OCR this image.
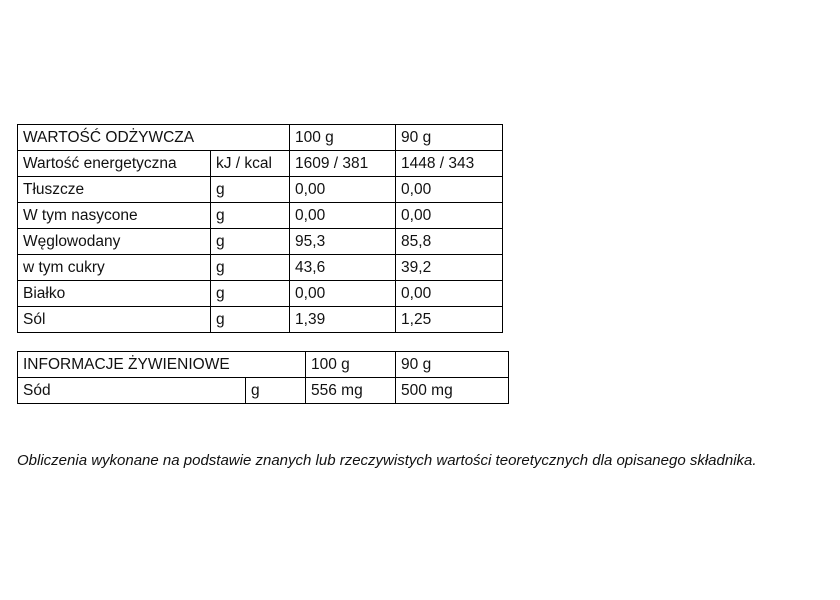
WARTOŚĆ ODŻYWCZA		100 g	90 g
Wartość energetyczna	kJ / kcal	1609 / 381	1448 / 343
Tłuszcze	g	0,00	0,00
W tym nasycone	g	0,00	0,00
Węglowodany	g	95,3	85,8
w tym cukry	g	43,6	39,2
Białko	g	0,00	0,00
Sól	g	1,39	1,25
INFORMACJE ŻYWIENIOWE		100 g	90 g
Sód	g	556 mg	500 mg
Obliczenia wykonane na podstawie znanych lub rzeczywistych wartości teoretycznych dla opisanego składnika.
